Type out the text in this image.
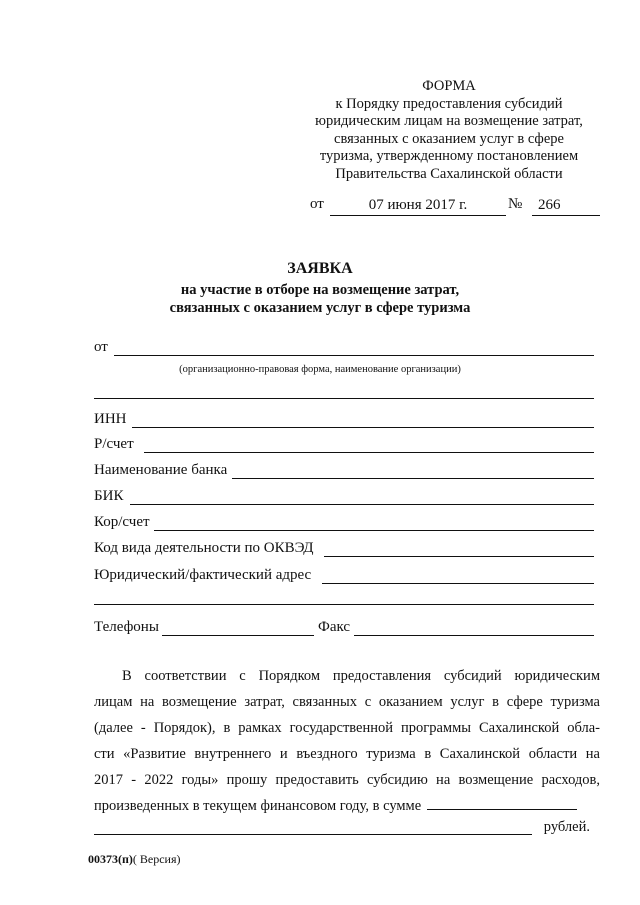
ФОРМА
к Порядку предоставления субсидий
юридическим лицам на возмещение затрат,
связанных с оказанием услуг в сфере
туризма, утвержденному постановлением
Правительства Сахалинской области
от	07 июня 2017 г.	№	266
ЗАЯВКА
на участие в отборе на возмещение затрат,
связанных с оказанием услуг в сфере туризма
от
(организационно-правовая форма, наименование организации)
ИНН
Р/счет
Наименование банка
БИК
Кор/счет
Код вида деятельности по ОКВЭД
Юридический/фактический адрес
Телефоны	Факс
В соответствии с Порядком предоставления субсидий юридическим
лицам на возмещение затрат, связанных с оказанием услуг в сфере туризма
(далее - Порядок), в рамках государственной программы Сахалинской обла-
сти «Развитие внутреннего и въездного туризма в Сахалинской области на
2017 - 2022 годы» прошу предоставить субсидию на возмещение расходов,
произведенных в текущем финансовом году, в сумме
рублей.
00373(п)( Версия)
